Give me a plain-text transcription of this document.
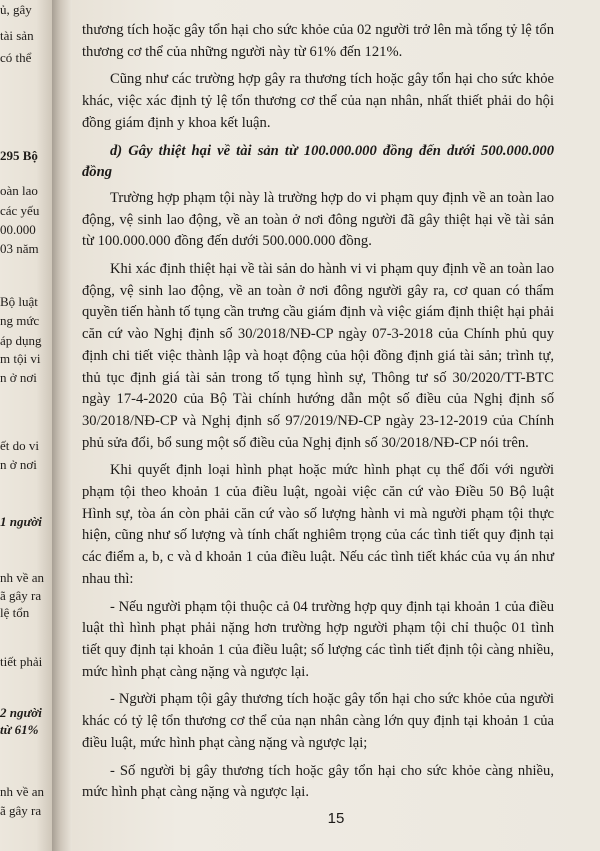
ủ, gây
tài sản
có thể
295 Bộ
oàn lao
các yếu
00.000
03 năm
Bộ luật
ng mức
áp dụng
m tội vi
n ở nơi
ết do vi
n ở nơi
1 người
nh về an
ã gây ra
lệ tổn
tiết phải
2 người
từ 61%
nh về an
ã gây ra

thương tích hoặc gây tổn hại cho sức khỏe của 02 người trở lên mà tổng tỷ lệ tổn thương cơ thể của những người này từ 61% đến 121%.

Cũng như các trường hợp gây ra thương tích hoặc gây tổn hại cho sức khỏe khác, việc xác định tỷ lệ tổn thương cơ thể của nạn nhân, nhất thiết phải do hội đồng giám định y khoa kết luận.

d) Gây thiệt hại về tài sản từ 100.000.000 đồng đến dưới 500.000.000 đồng

Trường hợp phạm tội này là trường hợp do vi phạm quy định về an toàn lao động, vệ sinh lao động, về an toàn ở nơi đông người đã gây thiệt hại về tài sản từ 100.000.000 đồng đến dưới 500.000.000 đồng.

Khi xác định thiệt hại về tài sản do hành vi vi phạm quy định về an toàn lao động, vệ sinh lao động, về an toàn ở nơi đông người gây ra, cơ quan có thẩm quyền tiến hành tố tụng cần trưng cầu giám định và việc giám định thiệt hại phải căn cứ vào Nghị định số 30/2018/NĐ-CP ngày 07-3-2018 của Chính phủ quy định chi tiết việc thành lập và hoạt động của hội đồng định giá tài sản; trình tự, thủ tục định giá tài sản trong tố tụng hình sự, Thông tư số 30/2020/TT-BTC ngày 17-4-2020 của Bộ Tài chính hướng dẫn một số điều của Nghị định số 30/2018/NĐ-CP và Nghị định số 97/2019/NĐ-CP ngày 23-12-2019 của Chính phủ sửa đổi, bổ sung một số điều của Nghị định số 30/2018/NĐ-CP nói trên.

Khi quyết định loại hình phạt hoặc mức hình phạt cụ thể đối với người phạm tội theo khoản 1 của điều luật, ngoài việc căn cứ vào Điều 50 Bộ luật Hình sự, tòa án còn phải căn cứ vào số lượng hành vi mà người phạm tội thực hiện, cũng như số lượng và tính chất nghiêm trọng của các tình tiết quy định tại các điểm a, b, c và d khoản 1 của điều luật. Nếu các tình tiết khác của vụ án như nhau thì:

- Nếu người phạm tội thuộc cả 04 trường hợp quy định tại khoản 1 của điều luật thì hình phạt phải nặng hơn trường hợp người phạm tội chỉ thuộc 01 tình tiết quy định tại khoản 1 của điều luật; số lượng các tình tiết định tội càng nhiều, mức hình phạt càng nặng và ngược lại.

- Người phạm tội gây thương tích hoặc gây tổn hại cho sức khỏe của người khác có tỷ lệ tổn thương cơ thể của nạn nhân càng lớn quy định tại khoản 1 của điều luật, mức hình phạt càng nặng và ngược lại;

- Số người bị gây thương tích hoặc gây tổn hại cho sức khỏe càng nhiều, mức hình phạt càng nặng và ngược lại.

15
